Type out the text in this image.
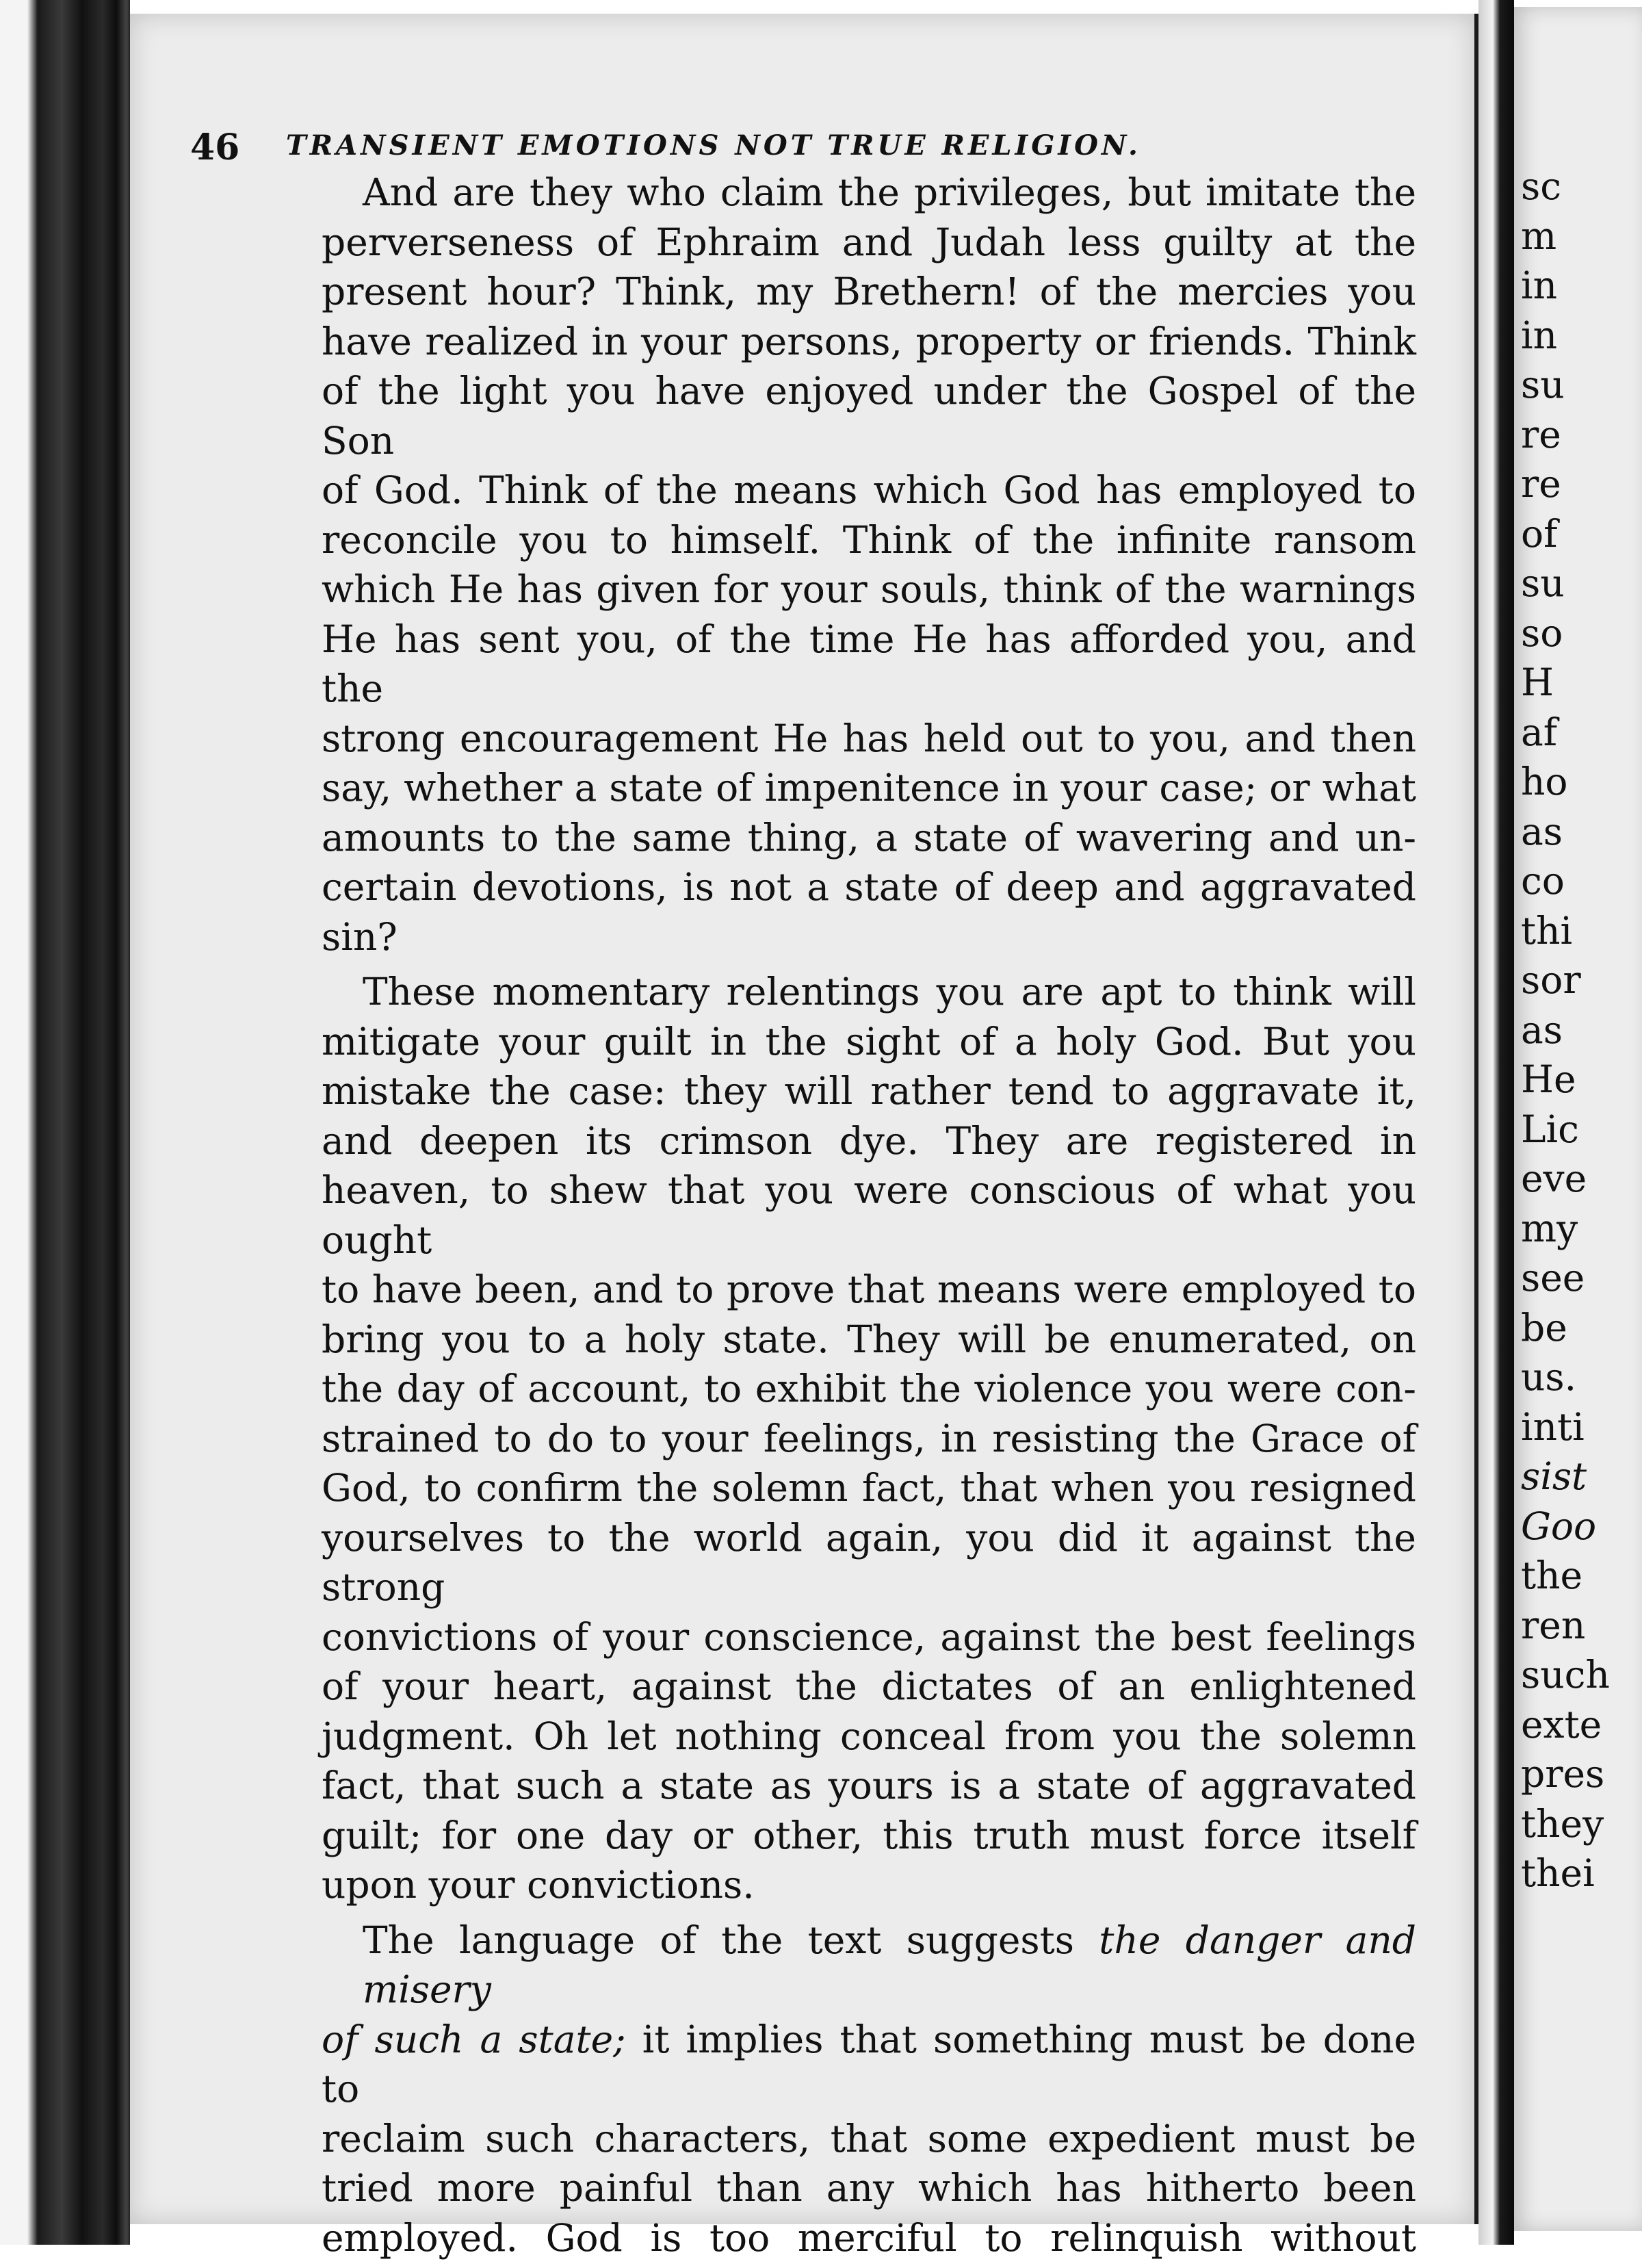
46 TRANSIENT EMOTIONS NOT TRUE RELIGION.
And are they who claim the privileges, but imitate the
perverseness of Ephraim and Judah less guilty at the
present hour? Think, my Brethern! of the mercies you
have realized in your persons, property or friends. Think
of the light you have enjoyed under the Gospel of the Son
of God. Think of the means which God has employed to
reconcile you to himself. Think of the infinite ransom
which He has given for your souls, think of the warnings
He has sent you, of the time He has afforded you, and the
strong encouragement He has held out to you, and then
say, whether a state of impenitence in your case; or what
amounts to the same thing, a state of wavering and un-
certain devotions, is not a state of deep and aggravated sin?
These momentary relentings you are apt to think will
mitigate your guilt in the sight of a holy God. But you
mistake the case: they will rather tend to aggravate it,
and deepen its crimson dye. They are registered in
heaven, to shew that you were conscious of what you ought
to have been, and to prove that means were employed to
bring you to a holy state. They will be enumerated, on
the day of account, to exhibit the violence you were con-
strained to do to your feelings, in resisting the Grace of
God, to confirm the solemn fact, that when you resigned
yourselves to the world again, you did it against the strong
convictions of your conscience, against the best feelings
of your heart, against the dictates of an enlightened
judgment. Oh let nothing conceal from you the solemn
fact, that such a state as yours is a state of aggravated
guilt; for one day or other, this truth must force itself
upon your convictions.
The language of the text suggests the danger and misery
of such a state; it implies that something must be done to
reclaim such characters, that some expedient must be
tried more painful than any which has hitherto been
employed. God is too merciful to relinquish without
sc
m
in
in
su
re
re
of
su
so
H
af
ho
as
co
thi
sor
as
He
Lic
eve
my
see
be
us.
inti
sist
Goo
the
ren
such
exte
pres
they
thei
